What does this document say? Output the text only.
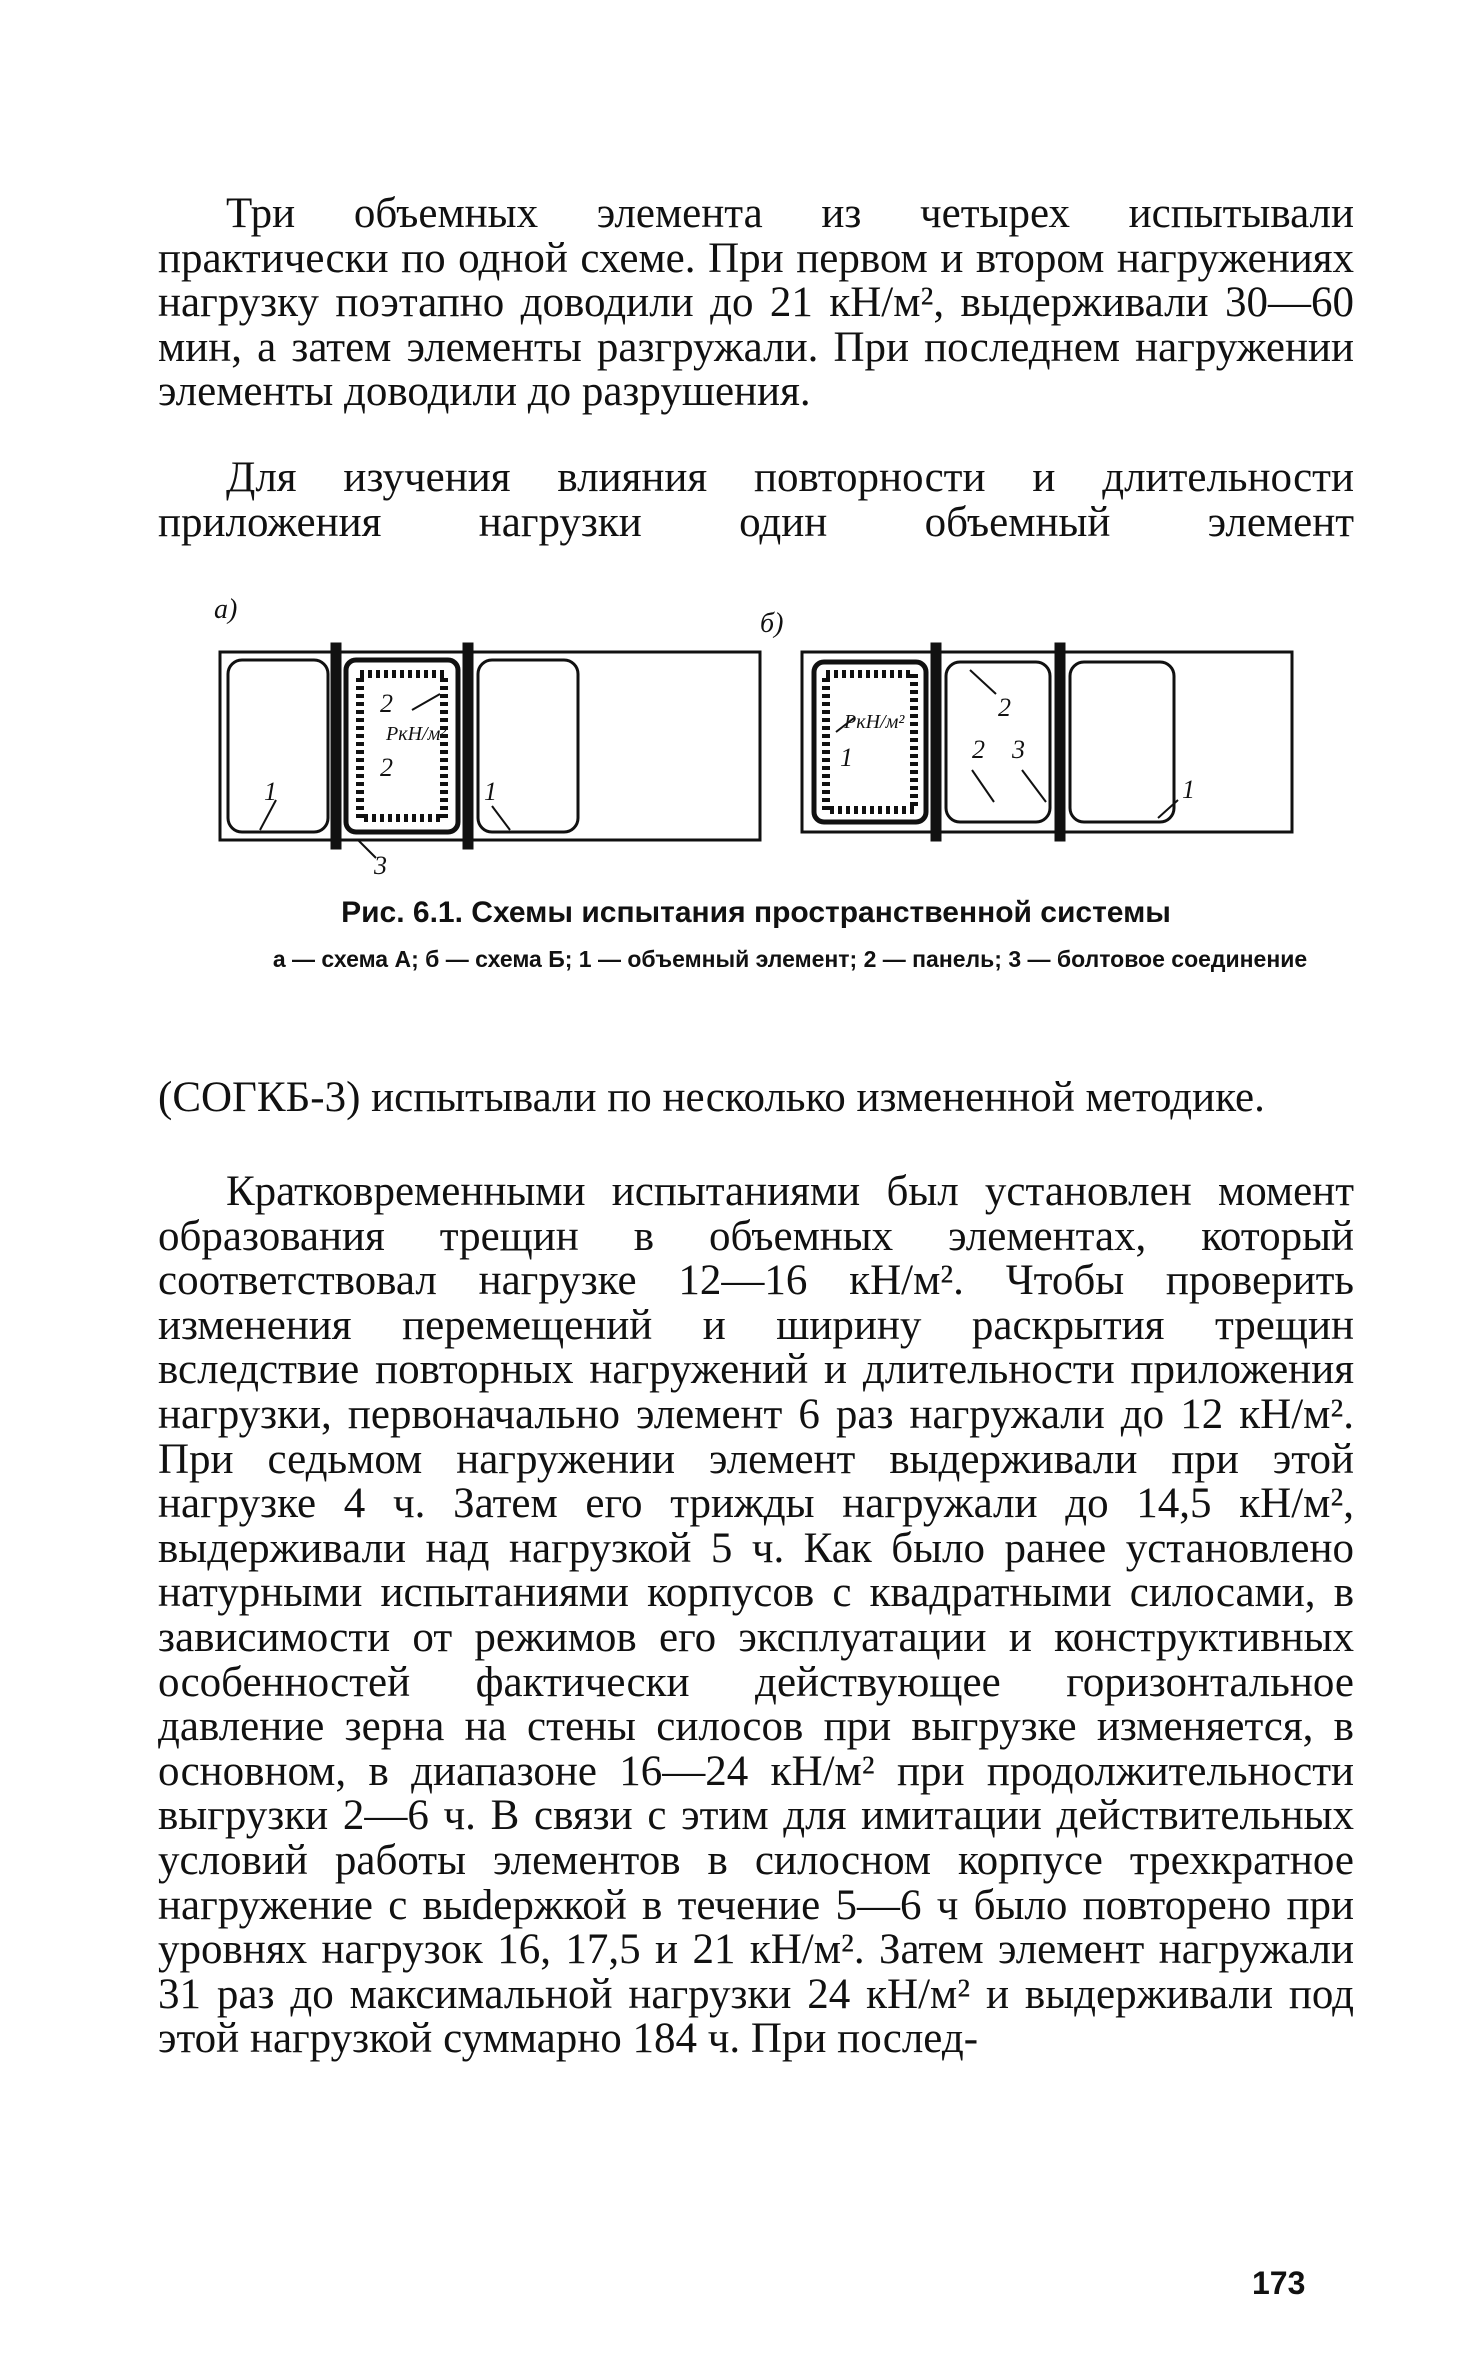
Три объемных элемента из четырех испытывали практически по одной схеме. При первом и втором нагружениях нагрузку поэтапно доводили до 21 кН/м², выдерживали 30—60 мин, а затем элементы разгружали. При последнем нагружении элементы доводили до разрушения.

Для изучения влияния повторности и длительности приложения нагрузки один объемный элемент

а)
1	1
2
2
3
PкН/м²
б)
2
2 3
1
1
PкН/м²
Рис. 6.1. Схемы испытания пространственной системы
а — схема А; б — схема Б; 1 — объемный элемент; 2 — панель; 3 — болтовое соединение

(СОГКБ-3) испытывали по несколько измененной методике.

Кратковременными испытаниями был установлен момент образования трещин в объемных элементах, который соответствовал нагрузке 12—16 кН/м². Чтобы проверить изменения перемещений и ширину раскрытия трещин вследствие повторных нагружений и длительности приложения нагрузки, первоначально элемент 6 раз нагружали до 12 кН/м². При седьмом нагружении элемент выдерживали при этой нагрузке 4 ч. Затем его трижды нагружали до 14,5 кН/м², выдерживали над нагрузкой 5 ч. Как было ранее установлено натурными испытаниями корпусов с квадратными силосами, в зависимости от режимов его эксплуатации и конструктивных особенностей фактически действующее горизонтальное давление зерна на стены силосов при выгрузке изменяется, в основном, в диапазоне 16—24 кН/м² при продолжительности выгрузки 2—6 ч. В связи с этим для имитации действительных условий работы элементов в силосном корпусе трехкратное нагружение с выdержкой в течение 5—6 ч было повторено при уровнях нагрузок 16, 17,5 и 21 кН/м². Затем элемент нагружали 31 раз до максимальной нагрузки 24 кН/м² и выдерживали под этой нагрузкой суммарно 184 ч. При послед-

173
